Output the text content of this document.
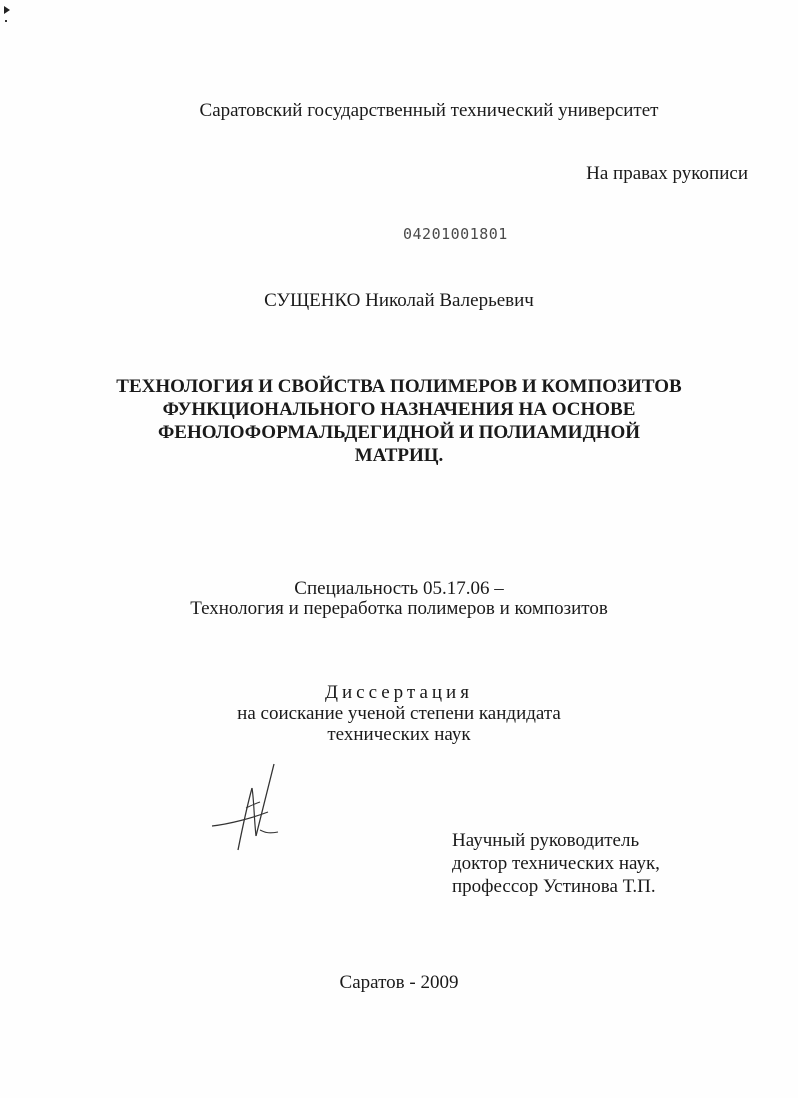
Саратовский государственный технический университет
На правах рукописи
04201001801
СУЩЕНКО Николай Валерьевич
ТЕХНОЛОГИЯ И СВОЙСТВА ПОЛИМЕРОВ И КОМПОЗИТОВ
ФУНКЦИОНАЛЬНОГО НАЗНАЧЕНИЯ НА ОСНОВЕ
ФЕНОЛОФОРМАЛЬДЕГИДНОЙ И ПОЛИАМИДНОЙ
МАТРИЦ.
Специальность 05.17.06 –
Технология и переработка полимеров и композитов
Диссертация
на соискание ученой степени кандидата
технических наук
Научный руководитель
доктор технических наук,
профессор Устинова Т.П.
Саратов - 2009
